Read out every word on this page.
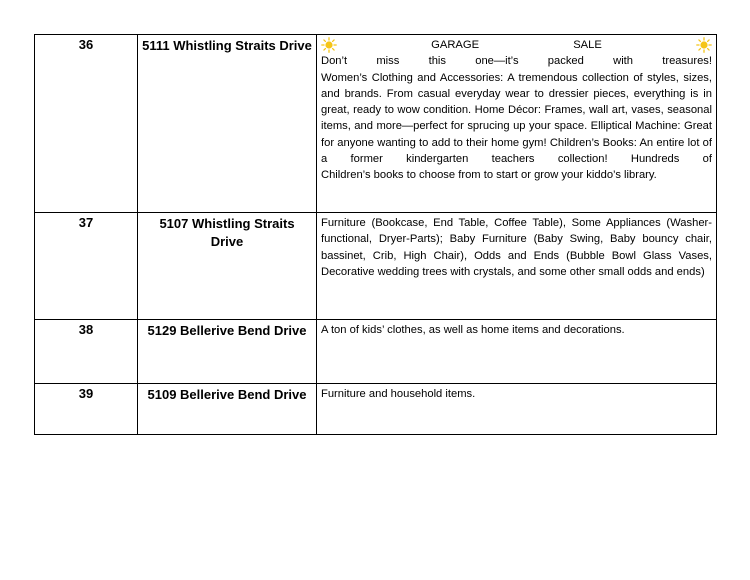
36	5111 Whistling Straits Drive	GARAGE SALE
Don’t miss this one—it’s packed with treasures!
Women’s Clothing and Accessories: A tremendous collection of styles, sizes, and brands. From casual everyday wear to dressier pieces, everything is in great, ready to wow condition. Home Décor: Frames, wall art, vases, seasonal items, and more—perfect for sprucing up your space. Elliptical Machine: Great for anyone wanting to add to their home gym! Children’s Books: An entire lot of a former kindergarten teachers collection! Hundreds of
Children’s books to choose from to start or grow your kiddo’s library.

37	5107 Whistling Straits Drive	Furniture (Bookcase, End Table, Coffee Table), Some Appliances (Washer-functional, Dryer-Parts); Baby Furniture (Baby Swing, Baby bouncy chair, bassinet, Crib, High Chair), Odds and Ends (Bubble Bowl Glass Vases, Decorative wedding trees with crystals, and some other small odds and ends)
38	5129 Bellerive Bend Drive	A ton of kids’ clothes, as well as home items and decorations.
39	5109 Bellerive Bend Drive	Furniture and household items.
